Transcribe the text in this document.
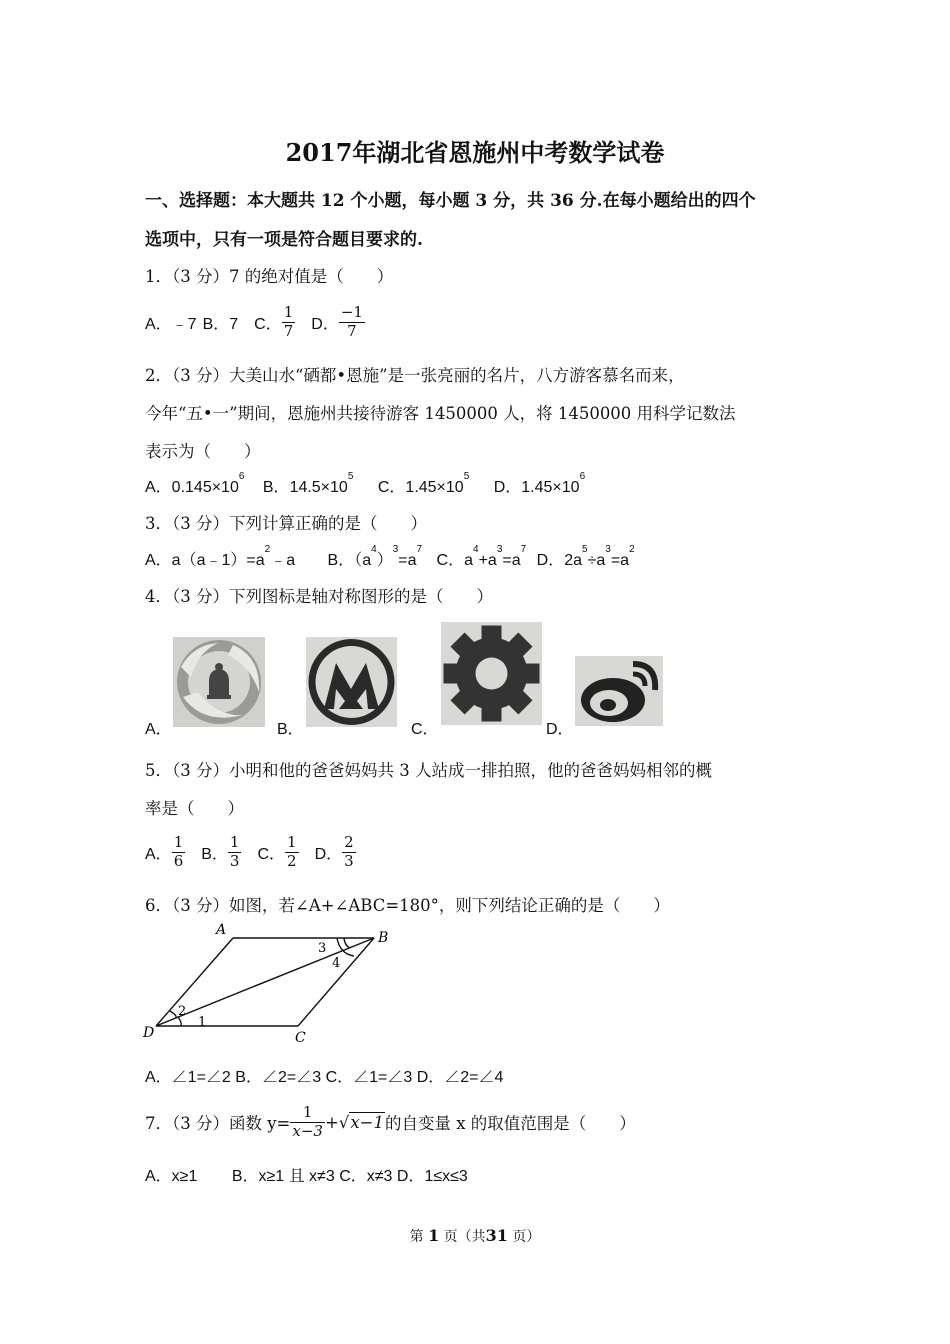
2017年湖北省恩施州中考数学试卷
一、选择题：本大题共 12 个小题，每小题 3 分，共 36 分.在每小题给出的四个
选项中，只有一项是符合题目要求的.
1．（3 分）7 的绝对值是（　　）
A．﹣7 B．7 C． $\frac{1}{7}$ D． $\frac{-1}{7}$
2．（3 分）大美山水“硒都•恩施”是一张亮丽的名片，八方游客慕名而来，
今年“五•一”期间，恩施州共接待游客 1450000 人，将 1450000 用科学记数法
表示为（　　）
A．$0.145\times 10^6$ B．$14.5\times 10^5$ C．$1.45\times 10^5$ D．$1.45\times 10^6$
3．（3 分）下列计算正确的是（　　）
A．$a(a﹣1)=a^2﹣a$ B．$(a^4)^3=a^7$ C．$a^4+a^3=a^7$ D．$2a^5\div a^3=a^2$
4．（3 分）下列图标是轴对称图形的是（　　）
A．	B．	C．	D．
5．（3 分）小明和他的爸爸妈妈共 3 人站成一排拍照，他的爸爸妈妈相邻的概
率是（　　）
A． $\frac{1}{6}$ B． $\frac{1}{3}$ C． $\frac{1}{2}$ D． $\frac{2}{3}$
6．（3 分）如图，若∠A+∠ABC=180°，则下列结论正确的是（　　）
A	B
C
D
1
2
3
4
A．∠1=∠2 B．∠2=∠3 C．∠1=∠3 D．∠2=∠4
7．（3 分）函数 $y= \frac{1}{x-3} + √x-1$ 的自变量 x 的取值范围是（　　）
A．x≥1 B．x≥1 且 x≠3 C．x≠3 D．1≤x≤3
第 1 页（共31 页）
